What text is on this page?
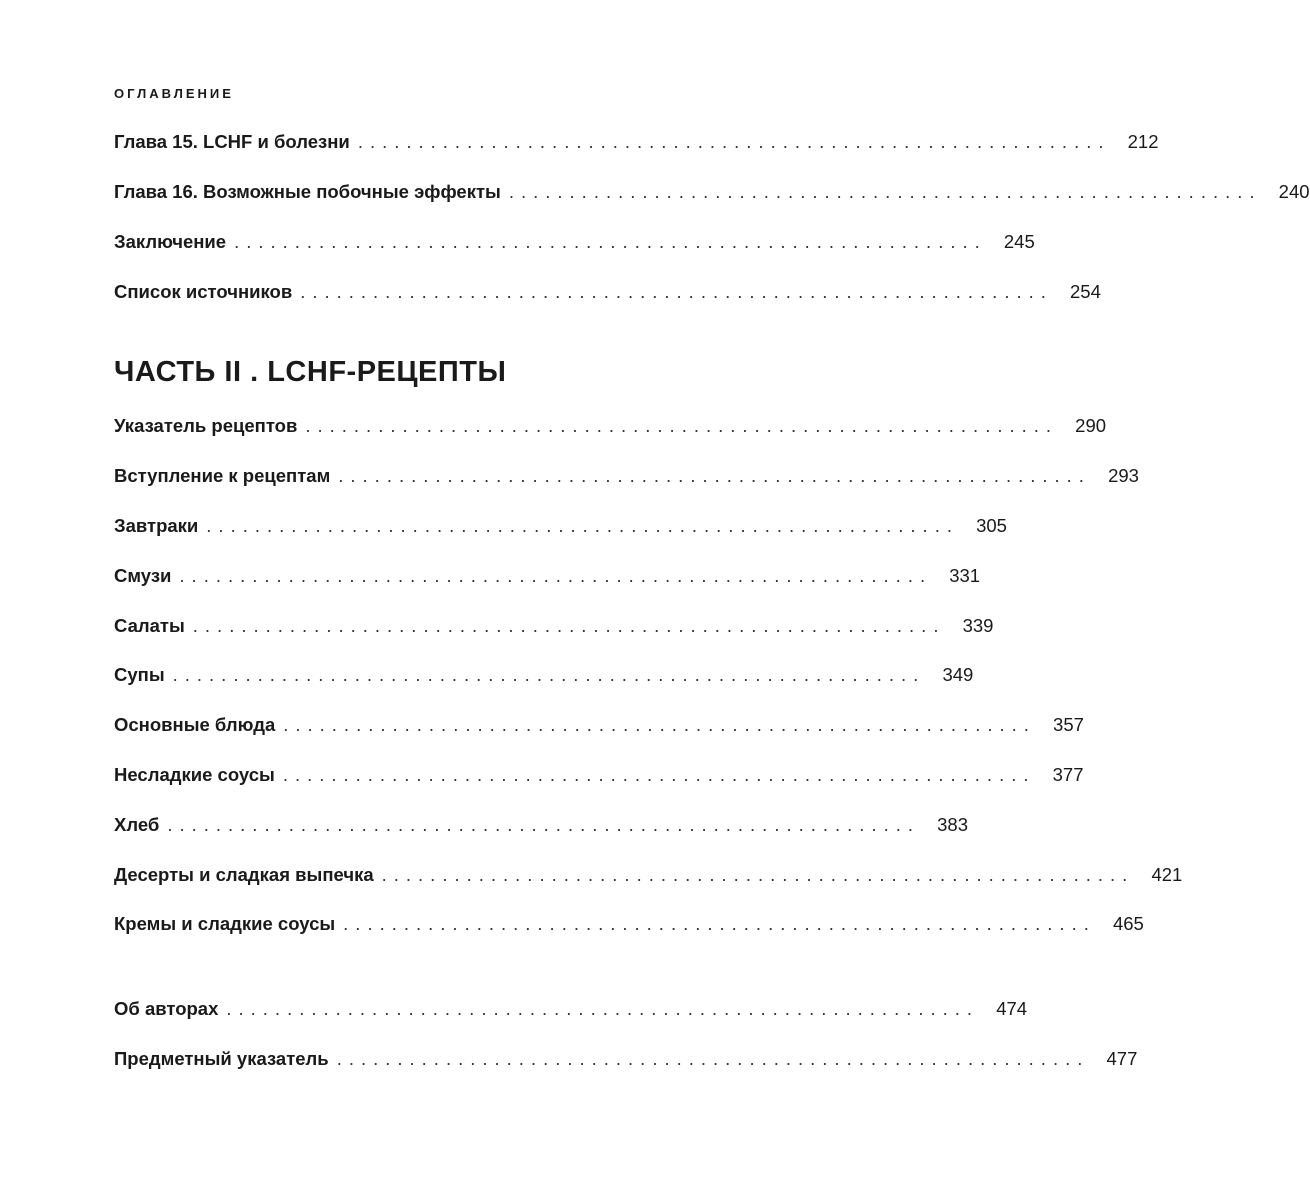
ОГЛАВЛЕНИЕ
Глава 15. LCHF и болезни .............................................................. 212
Глава 16. Возможные побочные эффекты .............................................................. 240
Заключение .............................................................. 245
Список источников .............................................................. 254
ЧАСТЬ II . LCHF-РЕЦЕПТЫ
Указатель рецептов .............................................................. 290
Вступление к рецептам .............................................................. 293
Завтраки .............................................................. 305
Смузи .............................................................. 331
Салаты .............................................................. 339
Супы .............................................................. 349
Основные блюда .............................................................. 357
Несладкие соусы .............................................................. 377
Хлеб .............................................................. 383
Десерты и сладкая выпечка .............................................................. 421
Кремы и сладкие соусы .............................................................. 465
Об авторах .............................................................. 474
Предметный указатель .............................................................. 477
